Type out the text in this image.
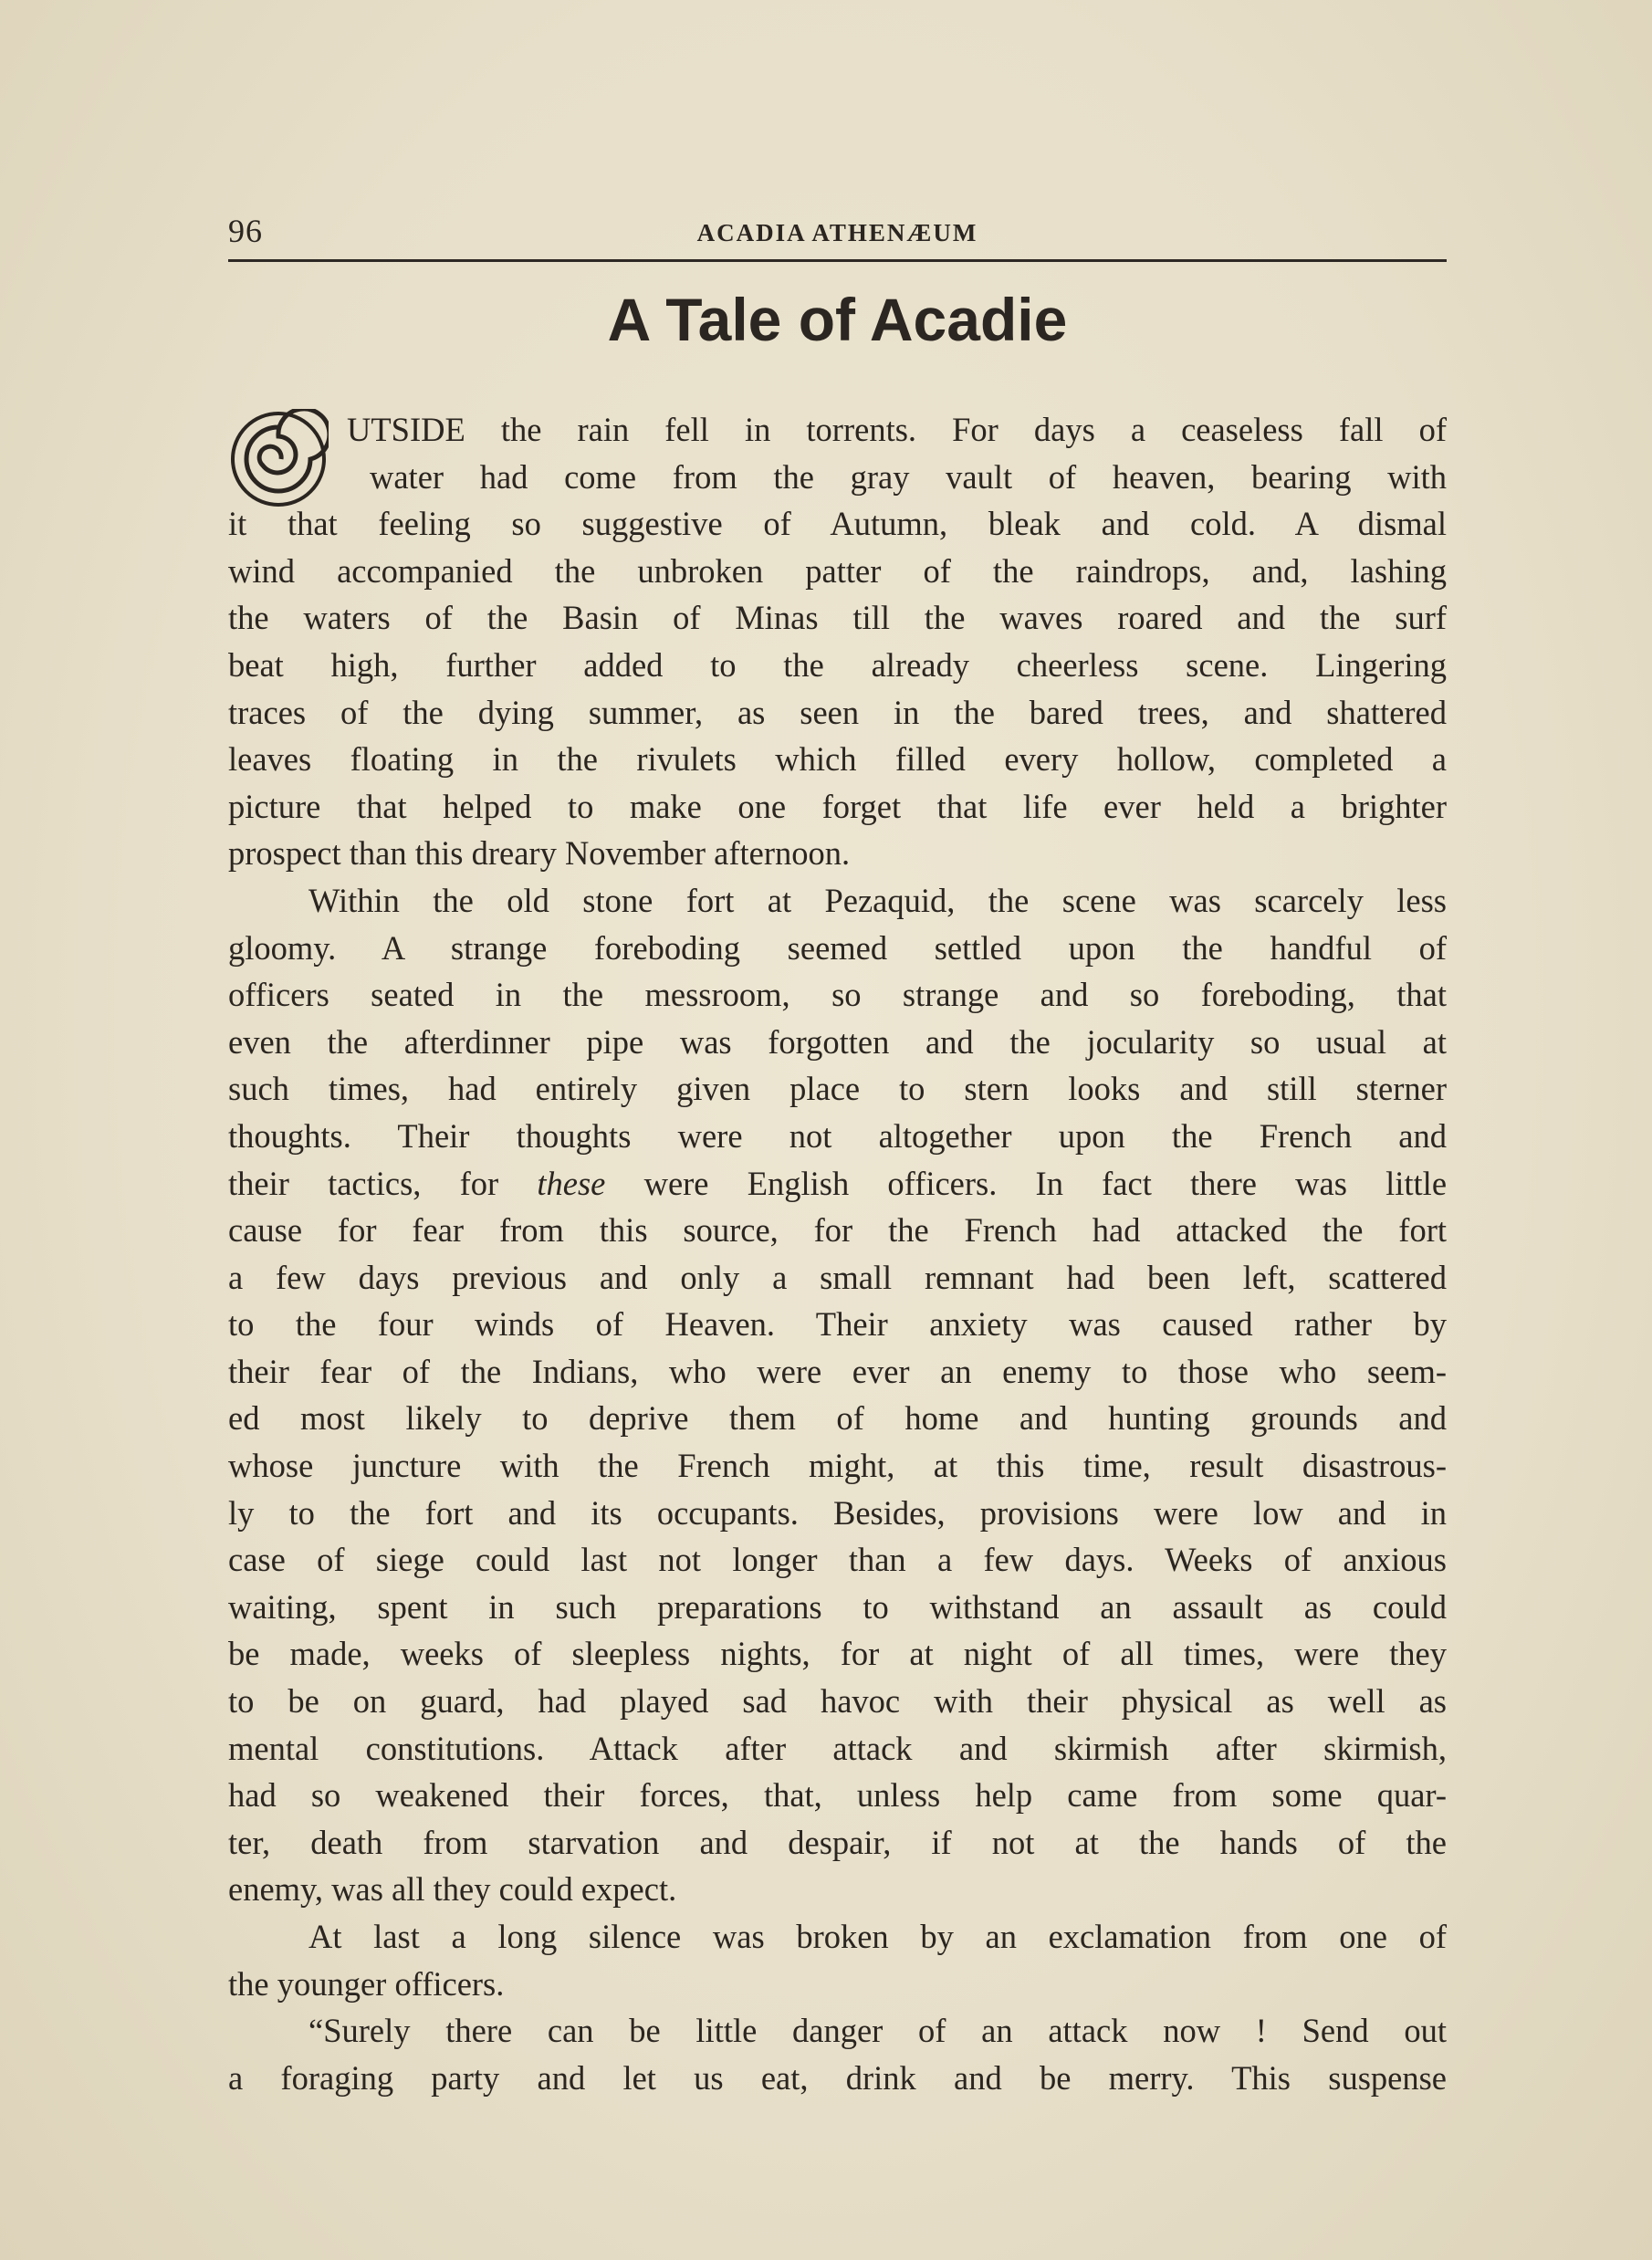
96	ACADIA ATHENÆUM
A Tale of Acadie
UTSIDE the rain fell in torrents. For days a ceaseless fall of
water had come from the gray vault of heaven, bearing with
it that feeling so suggestive of Autumn, bleak and cold. A dismal
wind accompanied the unbroken patter of the raindrops, and, lashing
the waters of the Basin of Minas till the waves roared and the surf
beat high, further added to the already cheerless scene. Lingering
traces of the dying summer, as seen in the bared trees, and shattered
leaves floating in the rivulets which filled every hollow, completed a
picture that helped to make one forget that life ever held a brighter
prospect than this dreary November afternoon.
Within the old stone fort at Pezaquid, the scene was scarcely less
gloomy. A strange foreboding seemed settled upon the handful of
officers seated in the messroom, so strange and so foreboding, that
even the afterdinner pipe was forgotten and the jocularity so usual at
such times, had entirely given place to stern looks and still sterner
thoughts. Their thoughts were not altogether upon the French and
their tactics, for these were English officers. In fact there was little
cause for fear from this source, for the French had attacked the fort
a few days previous and only a small remnant had been left, scattered
to the four winds of Heaven. Their anxiety was caused rather by
their fear of the Indians, who were ever an enemy to those who seem-
ed most likely to deprive them of home and hunting grounds and
whose juncture with the French might, at this time, result disastrous-
ly to the fort and its occupants. Besides, provisions were low and in
case of siege could last not longer than a few days. Weeks of anxious
waiting, spent in such preparations to withstand an assault as could
be made, weeks of sleepless nights, for at night of all times, were they
to be on guard, had played sad havoc with their physical as well as
mental constitutions. Attack after attack and skirmish after skirmish,
had so weakened their forces, that, unless help came from some quar-
ter, death from starvation and despair, if not at the hands of the
enemy, was all they could expect.
At last a long silence was broken by an exclamation from one of
the younger officers.
“Surely there can be little danger of an attack now ! Send out
a foraging party and let us eat, drink and be merry. This suspense
